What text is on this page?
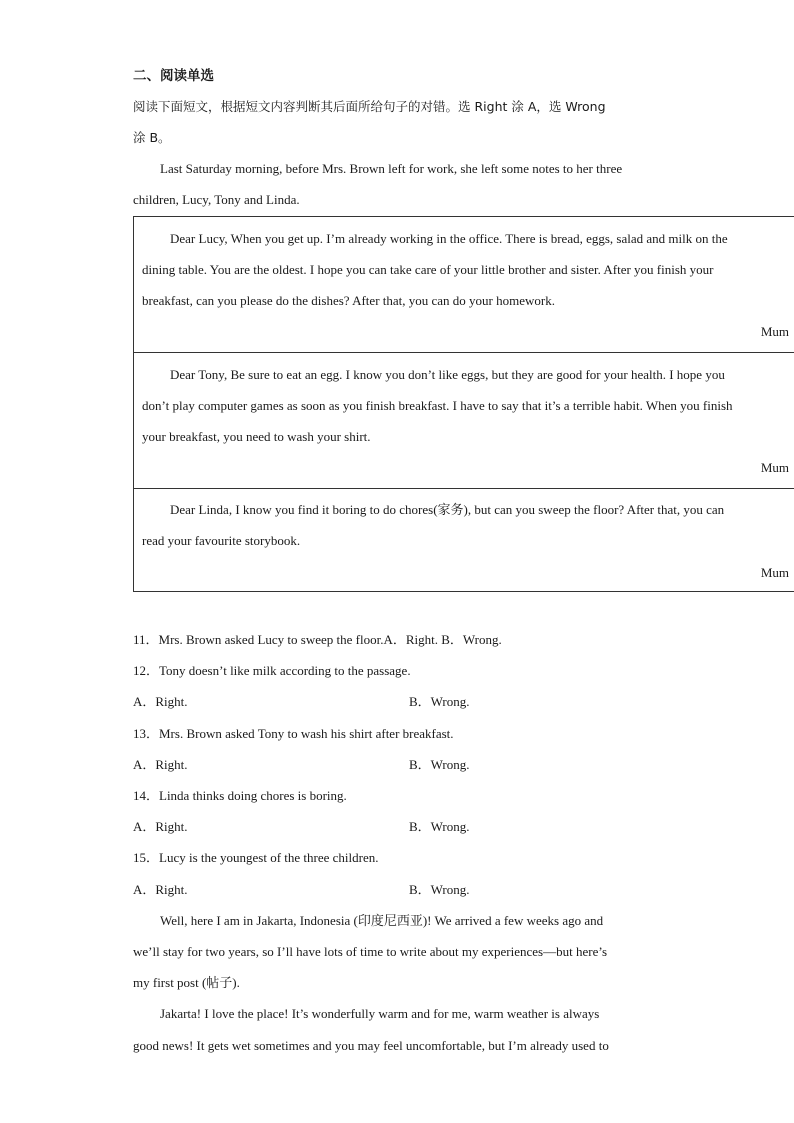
二、阅读单选
阅读下面短文，根据短文内容判断其后面所给句子的对错。选 Right 涂 A，选 Wrong
涂 B。
Last Saturday morning, before Mrs. Brown left for work, she left some notes to her three
children, Lucy, Tony and Linda.
Dear Lucy, When you get up. I’m already working in the office. There is bread, eggs, salad and milk on the
dining table. You are the oldest. I hope you can take care of your little brother and sister. After you finish your
breakfast, can you please do the dishes? After that, you can do your homework.
Mum
Dear Tony, Be sure to eat an egg. I know you don’t like eggs, but they are good for your health. I hope you
don’t play computer games as soon as you finish breakfast. I have to say that it’s a terrible habit. When you finish
your breakfast, you need to wash your shirt.
Mum
Dear Linda, I know you find it boring to do chores(家务), but can you sweep the floor? After that, you can
read your favourite storybook.
Mum
11．Mrs. Brown asked Lucy to sweep the floor.A．Right. B．Wrong.
12．Tony doesn’t like milk according to the passage.
A．Right.	B．Wrong.
13．Mrs. Brown asked Tony to wash his shirt after breakfast.
A．Right.	B．Wrong.
14．Linda thinks doing chores is boring.
A．Right.	B．Wrong.
15．Lucy is the youngest of the three children.
A．Right.	B．Wrong.
Well, here I am in Jakarta, Indonesia (印度尼西亚)! We arrived a few weeks ago and
we’ll stay for two years, so I’ll have lots of time to write about my experiences—but here’s
my first post (帖子).
Jakarta! I love the place! It’s wonderfully warm and for me, warm weather is always
good news! It gets wet sometimes and you may feel uncomfortable, but I’m already used to
